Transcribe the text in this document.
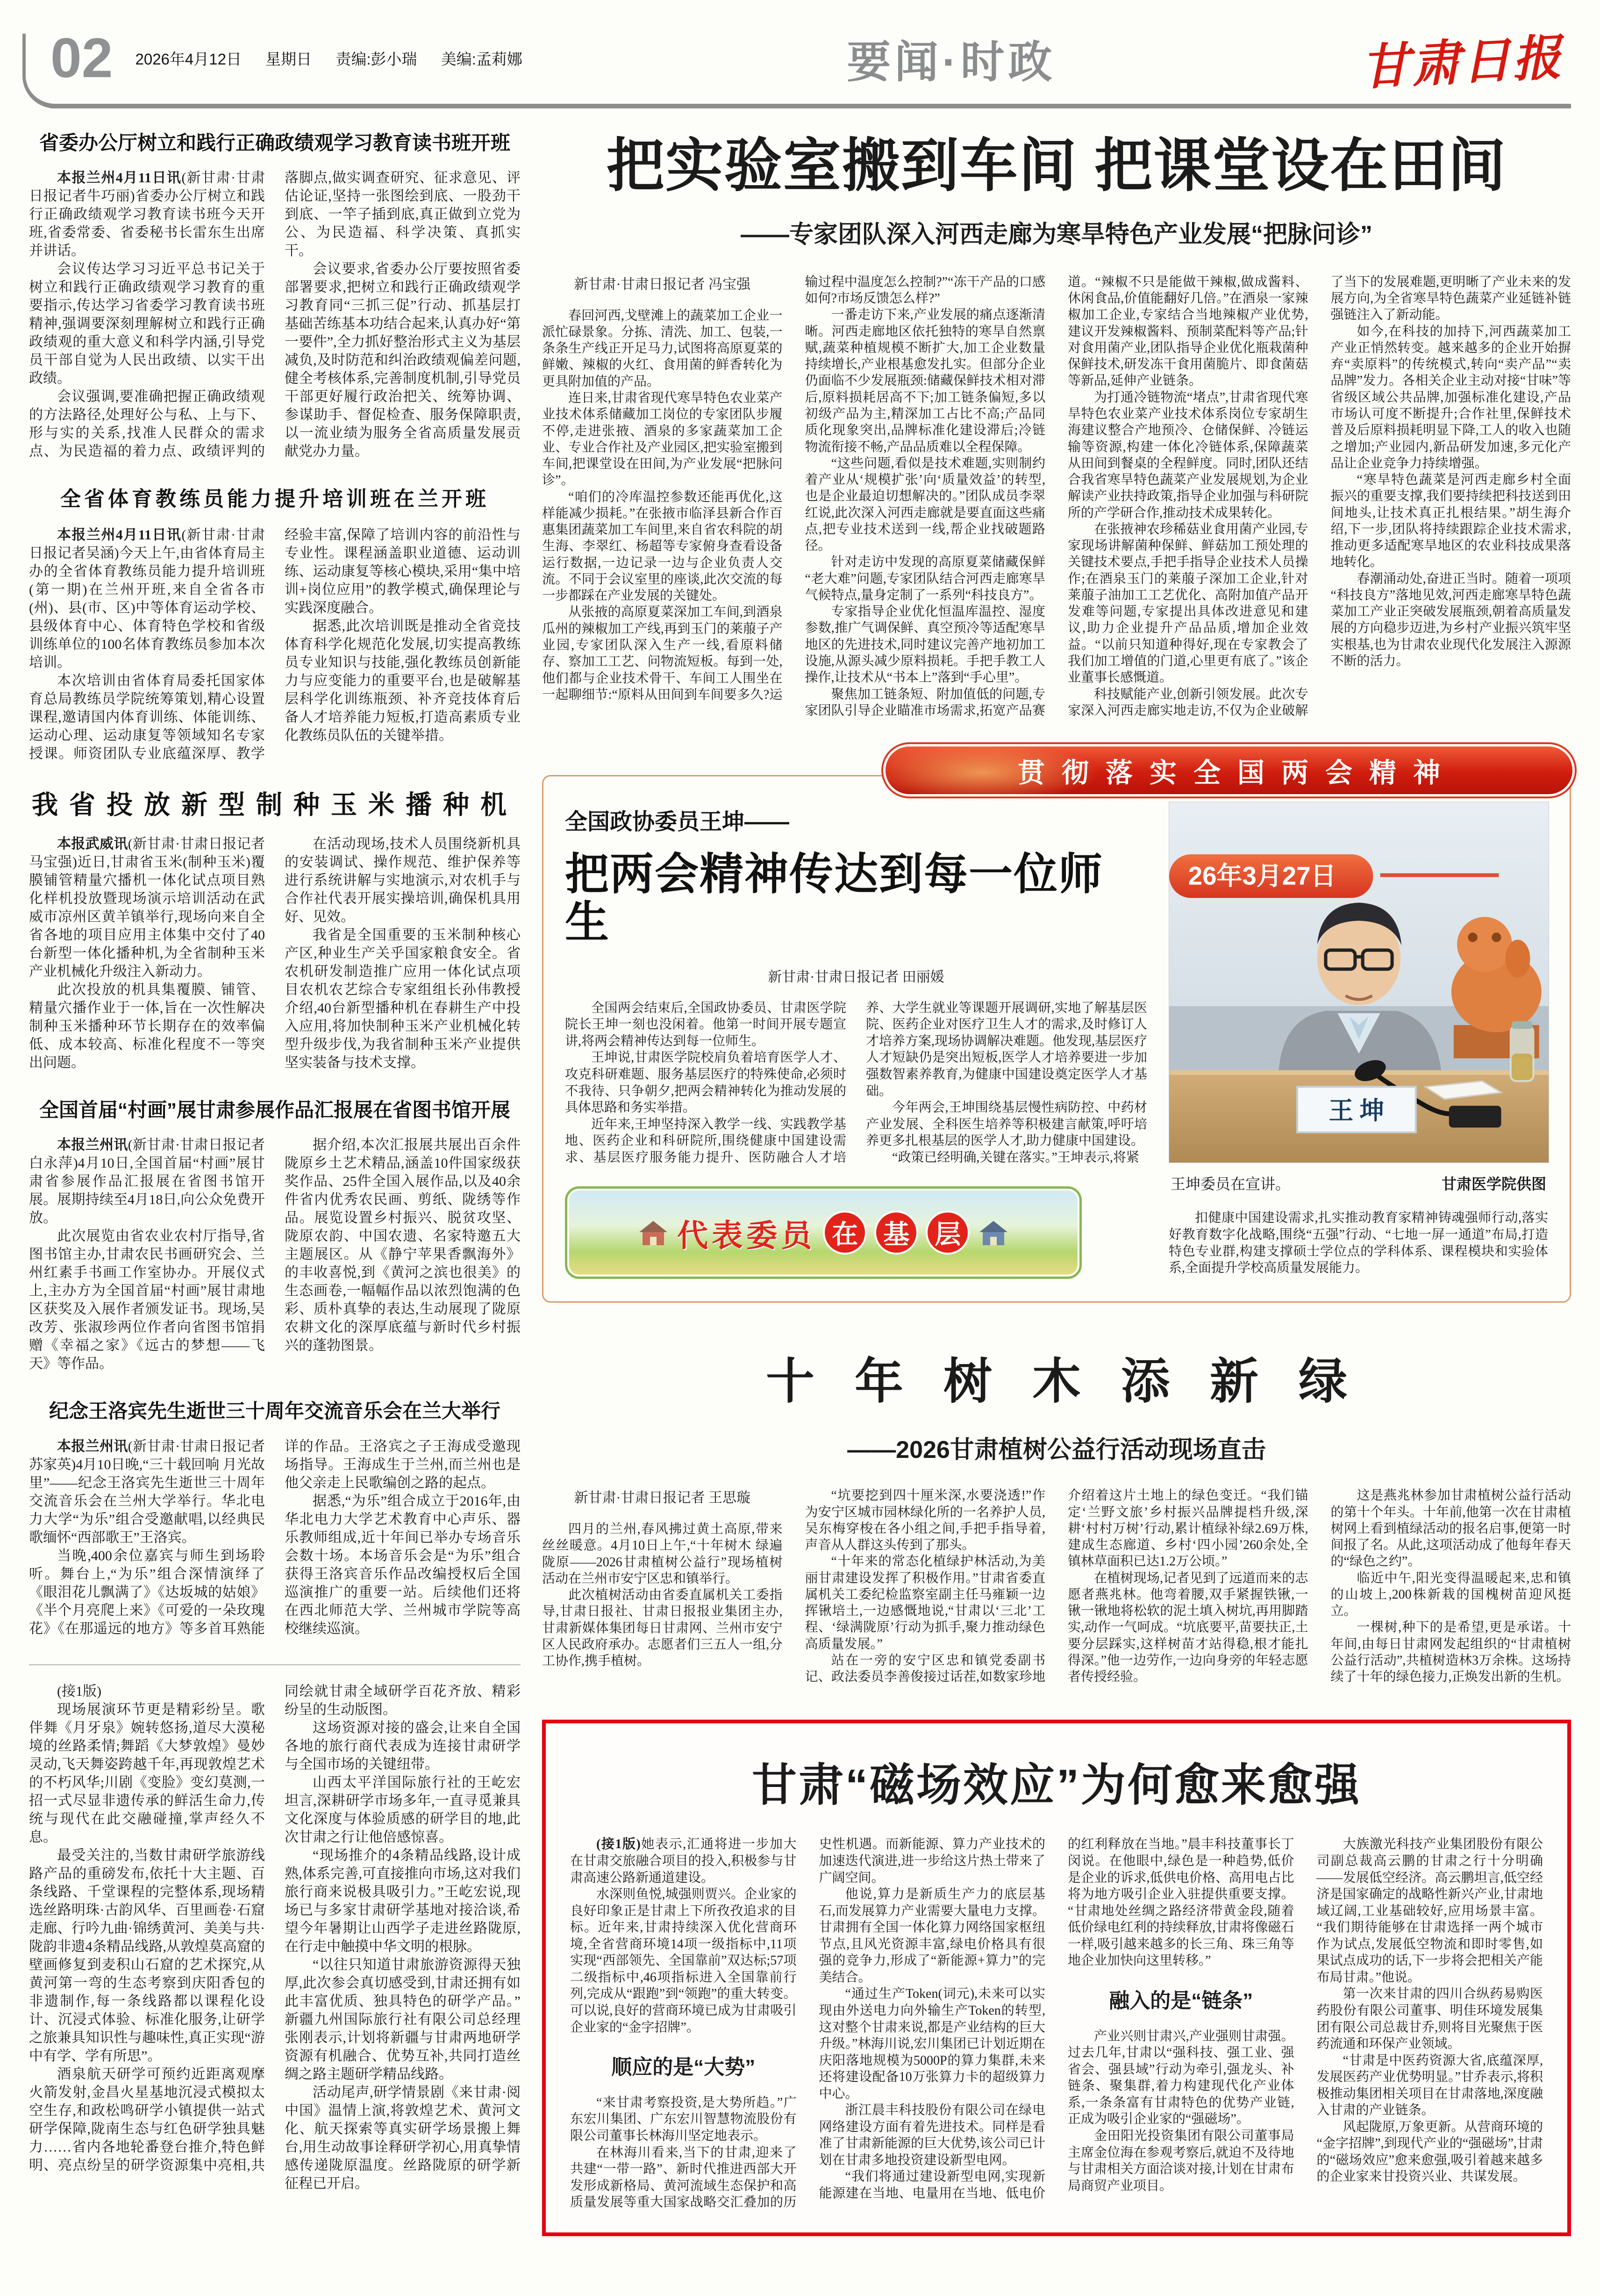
02 2026年4月12日 星期日 责编:彭小瑞 美编:孟莉娜	要闻·时政	甘肃日报
省委办公厅树立和践行正确政绩观学习教育读书班开班

本报兰州4月11日讯(新甘肃·甘肃日报记者牛巧丽)省委办公厅树立和践行正确政绩观学习教育读书班今天开班,省委常委、省委秘书长雷东生出席并讲话。

会议传达学习习近平总书记关于树立和践行正确政绩观学习教育的重要指示,传达学习省委学习教育读书班精神,强调要深刻理解树立和践行正确政绩观的重大意义和科学内涵,引导党员干部自觉为人民出政绩、以实干出政绩。

会议强调,要准确把握正确政绩观的方法路径,处理好公与私、上与下、形与实的关系,找准人民群众的需求点、为民造福的着力点、政绩评判的落脚点,做实调查研究、征求意见、评估论证,坚持一张图绘到底、一股劲干到底、一竿子插到底,真正做到立党为公、为民造福、科学决策、真抓实干。

会议要求,省委办公厅要按照省委部署要求,把树立和践行正确政绩观学习教育同“三抓三促”行动、抓基层打基础苦练基本功结合起来,认真办好“第一要件”,全力抓好整治形式主义为基层减负,及时防范和纠治政绩观偏差问题,健全考核体系,完善制度机制,引导党员干部更好履行政治把关、统筹协调、参谋助手、督促检查、服务保障职责,以一流业绩为服务全省高质量发展贡献党办力量。

全省体育教练员能力提升培训班在兰开班

本报兰州4月11日讯(新甘肃·甘肃日报记者吴涵)今天上午,由省体育局主办的全省体育教练员能力提升培训班(第一期)在兰州开班,来自全省各市(州)、县(市、区)中等体育运动学校、县级体育中心、体育特色学校和省级训练单位的100名体育教练员参加本次培训。

本次培训由省体育局委托国家体育总局教练员学院统筹策划,精心设置课程,邀请国内体育训练、体能训练、运动心理、运动康复等领域知名专家授课。师资团队专业底蕴深厚、教学经验丰富,保障了培训内容的前沿性与专业性。课程涵盖职业道德、运动训练、运动康复等核心模块,采用“集中培训+岗位应用”的教学模式,确保理论与实践深度融合。

据悉,此次培训既是推动全省竞技体育科学化规范化发展,切实提高教练员专业知识与技能,强化教练员创新能力与应变能力的重要平台,也是破解基层科学化训练瓶颈、补齐竞技体育后备人才培养能力短板,打造高素质专业化教练员队伍的关键举措。

我省投放新型制种玉米播种机

本报武威讯(新甘肃·甘肃日报记者马宝强)近日,甘肃省玉米(制种玉米)覆膜铺管精量穴播机一体化试点项目熟化样机投放暨现场演示培训活动在武威市凉州区黄羊镇举行,现场向来自全省各地的项目应用主体集中交付了40台新型一体化播种机,为全省制种玉米产业机械化升级注入新动力。

此次投放的机具集覆膜、铺管、精量穴播作业于一体,旨在一次性解决制种玉米播种环节长期存在的效率偏低、成本较高、标准化程度不一等突出问题。

在活动现场,技术人员围绕新机具的安装调试、操作规范、维护保养等进行系统讲解与实地演示,对农机手与合作社代表开展实操培训,确保机具用好、见效。

我省是全国重要的玉米制种核心产区,种业生产关乎国家粮食安全。省农机研发制造推广应用一体化试点项目农机农艺综合专家组组长孙伟教授介绍,40台新型播种机在春耕生产中投入应用,将加快制种玉米产业机械化转型升级步伐,为我省制种玉米产业提供坚实装备与技术支撑。

全国首届“村画”展甘肃参展作品汇报展在省图书馆开展

本报兰州讯(新甘肃·甘肃日报记者白永萍)4月10日,全国首届“村画”展甘肃省参展作品汇报展在省图书馆开展。展期持续至4月18日,向公众免费开放。

此次展览由省农业农村厅指导,省图书馆主办,甘肃农民书画研究会、兰州红素手书画工作室协办。开展仪式上,主办方为全国首届“村画”展甘肃地区获奖及入展作者颁发证书。现场,吴改芳、张淑珍两位作者向省图书馆捐赠《幸福之家》《远古的梦想——飞天》等作品。

据介绍,本次汇报展共展出百余件陇原乡土艺术精品,涵盖10件国家级获奖作品、25件全国入展作品,以及40余件省内优秀农民画、剪纸、陇绣等作品。展览设置乡村振兴、脱贫攻坚、陇原农韵、中国农遗、名家特邀五大主题展区。从《静宁苹果香飘海外》的丰收喜悦,到《黄河之滨也很美》的生态画卷,一幅幅作品以浓烈饱满的色彩、质朴真挚的表达,生动展现了陇原农耕文化的深厚底蕴与新时代乡村振兴的蓬勃图景。

纪念王洛宾先生逝世三十周年交流音乐会在兰大举行

本报兰州讯(新甘肃·甘肃日报记者苏家英)4月10日晚,“三十载回响 月光故里”——纪念王洛宾先生逝世三十周年交流音乐会在兰州大学举行。华北电力大学“为乐”组合受邀献唱,以经典民歌缅怀“西部歌王”王洛宾。

当晚,400余位嘉宾与师生到场聆听。舞台上,“为乐”组合深情演绎了《眼泪花儿飘满了》《达坂城的姑娘》《半个月亮爬上来》《可爱的一朵玫瑰花》《在那遥远的地方》等多首耳熟能详的作品。王洛宾之子王海成受邀现场指导。王海成生于兰州,而兰州也是他父亲走上民歌编创之路的起点。

据悉,“为乐”组合成立于2016年,由华北电力大学艺术教育中心声乐、器乐教师组成,近十年间已举办专场音乐会数十场。本场音乐会是“为乐”组合获得王洛宾音乐作品改编授权后全国巡演推广的重要一站。后续他们还将在西北师范大学、兰州城市学院等高校继续巡演。

(接1版)

现场展演环节更是精彩纷呈。歌伴舞《月牙泉》婉转悠扬,道尽大漠秘境的丝路柔情;舞蹈《大梦敦煌》曼妙灵动,飞天舞姿跨越千年,再现敦煌艺术的不朽风华;川剧《变脸》变幻莫测,一招一式尽显非遗传承的鲜活生命力,传统与现代在此交融碰撞,掌声经久不息。

最受关注的,当数甘肃研学旅游线路产品的重磅发布,依托十大主题、百条线路、千堂课程的完整体系,现场精选丝路明珠·古韵风华、百里画卷·石窟走廊、行吟九曲·锦绣黄河、美美与共·陇韵非遗4条精品线路,从敦煌莫高窟的壁画修复到麦积山石窟的艺术探究,从黄河第一弯的生态考察到庆阳香包的非遗制作,每一条线路都以课程化设计、沉浸式体验、标准化服务,让研学之旅兼具知识性与趣味性,真正实现“游中有学、学有所思”。

酒泉航天研学可预约近距离观摩火箭发射,金昌火星基地沉浸式模拟太空生存,和政松鸣研学小镇提供一站式研学保障,陇南生态与红色研学独具魅力……省内各地轮番登台推介,特色鲜明、亮点纷呈的研学资源集中亮相,共同绘就甘肃全域研学百花齐放、精彩纷呈的生动版图。

这场资源对接的盛会,让来自全国各地的旅行商代表成为连接甘肃研学与全国市场的关键纽带。

山西太平洋国际旅行社的王屹宏坦言,深耕研学市场多年,一直寻觅兼具文化深度与体验质感的研学目的地,此次甘肃之行让他倍感惊喜。

“现场推介的4条精品线路,设计成熟,体系完善,可直接推向市场,这对我们旅行商来说极具吸引力。”王屹宏说,现场已与多家甘肃研学基地对接洽谈,希望今年暑期让山西学子走进丝路陇原,在行走中触摸中华文明的根脉。

“以往只知道甘肃旅游资源得天独厚,此次参会真切感受到,甘肃还拥有如此丰富优质、独具特色的研学产品。”新疆九州国际旅行社有限公司总经理张刚表示,计划将新疆与甘肃两地研学资源有机融合、优势互补,共同打造丝绸之路主题研学精品线路。

活动尾声,研学情景剧《来甘肃·阅中国》温情上演,将敦煌艺术、黄河文化、航天探索等真实研学场景搬上舞台,用生动故事诠释研学初心,用真挚情感传递陇原温度。丝路陇原的研学新征程已开启。

把实验室搬到车间 把课堂设在田间
——专家团队深入河西走廊为寒旱特色产业发展“把脉问诊”
新甘肃·甘肃日报记者 冯宝强

春回河西,戈壁滩上的蔬菜加工企业一派忙碌景象。分拣、清洗、加工、包装,一条条生产线正开足马力,试图将高原夏菜的鲜嫩、辣椒的火红、食用菌的鲜香转化为更具附加值的产品。

连日来,甘肃省现代寒旱特色农业菜产业技术体系储藏加工岗位的专家团队步履不停,走进张掖、酒泉的多家蔬菜加工企业、专业合作社及产业园区,把实验室搬到车间,把课堂设在田间,为产业发展“把脉问诊”。

“咱们的冷库温控参数还能再优化,这样能减少损耗。”在张掖市临泽县新合作百惠集团蔬菜加工车间里,来自省农科院的胡生海、李翠红、杨超等专家俯身查看设备运行数据,一边记录一边与企业负责人交流。不同于会议室里的座谈,此次交流的每一步都踩在产业发展的关键处。

从张掖的高原夏菜深加工车间,到酒泉瓜州的辣椒加工产线,再到玉门的莱菔子产业园,专家团队深入生产一线,看原料储存、察加工工艺、问物流短板。每到一处,他们都与企业技术骨干、车间工人围坐在一起聊细节:“原料从田间到车间要多久?运输过程中温度怎么控制?”“冻干产品的口感如何?市场反馈怎么样?”

一番走访下来,产业发展的痛点逐渐清晰。河西走廊地区依托独特的寒旱自然禀赋,蔬菜种植规模不断扩大,加工企业数量持续增长,产业根基愈发扎实。但部分企业仍面临不少发展瓶颈:储藏保鲜技术相对滞后,原料损耗居高不下;加工链条偏短,多以初级产品为主,精深加工占比不高;产品同质化现象突出,品牌标准化建设滞后;冷链物流衔接不畅,产品品质难以全程保障。

“这些问题,看似是技术难题,实则制约着产业从‘规模扩张’向‘质量效益’的转型,也是企业最迫切想解决的。”团队成员李翠红说,此次深入河西走廊就是要直面这些痛点,把专业技术送到一线,帮企业找破题路径。

针对走访中发现的高原夏菜储藏保鲜“老大难”问题,专家团队结合河西走廊寒旱气候特点,量身定制了一系列“科技良方”。

专家指导企业优化恒温库温控、湿度参数,推广气调保鲜、真空预冷等适配寒旱地区的先进技术,同时建议完善产地初加工设施,从源头减少原料损耗。手把手教工人操作,让技术从“书本上”落到“手心里”。

聚焦加工链条短、附加值低的问题,专家团队引导企业瞄准市场需求,拓宽产品赛道。“辣椒不只是能做干辣椒,做成酱料、休闲食品,价值能翻好几倍。”在酒泉一家辣椒加工企业,专家结合当地辣椒产业优势,建议开发辣椒酱料、预制菜配料等产品;针对食用菌产业,团队指导企业优化瓶栽菌种保鲜技术,研发冻干食用菌脆片、即食菌菇等新品,延伸产业链条。

为打通冷链物流“堵点”,甘肃省现代寒旱特色农业菜产业技术体系岗位专家胡生海建议整合产地预冷、仓储保鲜、冷链运输等资源,构建一体化冷链体系,保障蔬菜从田间到餐桌的全程鲜度。同时,团队还结合我省寒旱特色蔬菜产业发展规划,为企业解读产业扶持政策,指导企业加强与科研院所的产学研合作,推动技术成果转化。

在张掖神农珍稀菇业食用菌产业园,专家现场讲解菌种保鲜、鲜菇加工预处理的关键技术要点,手把手指导企业技术人员操作;在酒泉玉门的莱菔子深加工企业,针对莱菔子油加工工艺优化、高附加值产品开发难等问题,专家提出具体改进意见和建议,助力企业提升产品品质,增加企业效益。“以前只知道种得好,现在专家教会了我们加工增值的门道,心里更有底了。”该企业董事长感慨道。

科技赋能产业,创新引领发展。此次专家深入河西走廊实地走访,不仅为企业破解了当下的发展难题,更明晰了产业未来的发展方向,为全省寒旱特色蔬菜产业延链补链强链注入了新动能。

如今,在科技的加持下,河西蔬菜加工产业正悄然转变。越来越多的企业开始摒弃“卖原料”的传统模式,转向“卖产品”“卖品牌”发力。各相关企业主动对接“甘味”等省级区域公共品牌,加强标准化建设,产品市场认可度不断提升;合作社里,保鲜技术普及后原料损耗明显下降,工人的收入也随之增加;产业园内,新品研发加速,多元化产品让企业竞争力持续增强。

“寒旱特色蔬菜是河西走廊乡村全面振兴的重要支撑,我们要持续把科技送到田间地头,让技术真正扎根结果。”胡生海介绍,下一步,团队将持续跟踪企业技术需求,推动更多适配寒旱地区的农业科技成果落地转化。

春潮涌动处,奋进正当时。随着一项项“科技良方”落地见效,河西走廊寒旱特色蔬菜加工产业正突破发展瓶颈,朝着高质量发展的方向稳步迈进,为乡村产业振兴筑牢坚实根基,也为甘肃农业现代化发展注入源源不断的活力。

贯彻落实全国两会精神
全国政协委员王坤——
把两会精神传达到每一位师生
新甘肃·甘肃日报记者 田丽媛

全国两会结束后,全国政协委员、甘肃医学院院长王坤一刻也没闲着。他第一时间开展专题宣讲,将两会精神传达到每一位师生。

王坤说,甘肃医学院校肩负着培育医学人才、攻克科研难题、服务基层医疗的特殊使命,必须时不我待、只争朝夕,把两会精神转化为推动发展的具体思路和务实举措。

近年来,王坤坚持深入教学一线、实践教学基地、医药企业和科研院所,围绕健康中国建设需求、基层医疗服务能力提升、医防融合人才培养、大学生就业等课题开展调研,实地了解基层医院、医药企业对医疗卫生人才的需求,及时修订人才培养方案,现场协调解决难题。他发现,基层医疗人才短缺仍是突出短板,医学人才培养要进一步加强数智素养教育,为健康中国建设奠定医学人才基础。

今年两会,王坤围绕基层慢性病防控、中药材产业发展、全科医生培养等积极建言献策,呼吁培养更多扎根基层的医学人才,助力健康中国建设。

“政策已经明确,关键在落实。”王坤表示,将紧

代表委员 在 基 层
26年3月27日
王 坤
王坤委员在宣讲。	甘肃医学院供图

扣健康中国建设需求,扎实推动教育家精神铸魂强师行动,落实好教育数字化战略,围绕“五强”行动、“七地一屏一通道”布局,打造特色专业群,构建支撑硕士学位点的学科体系、课程模块和实验体系,全面提升学校高质量发展能力。

十年树木添新绿
——2026甘肃植树公益行活动现场直击
新甘肃·甘肃日报记者 王思璇

四月的兰州,春风拂过黄土高原,带来丝丝暖意。4月10日上午,“十年树木 绿遍陇原——2026甘肃植树公益行”现场植树活动在兰州市安宁区忠和镇举行。

此次植树活动由省委直属机关工委指导,甘肃日报社、甘肃日报报业集团主办,甘肃新媒体集团每日甘肃网、兰州市安宁区人民政府承办。志愿者们三五人一组,分工协作,携手植树。

“坑要挖到四十厘米深,水要浇透!”作为安宁区城市园林绿化所的一名养护人员,吴东梅穿梭在各小组之间,手把手指导着,声音从人群这头传到了那头。

“十年来的常态化植绿护林活动,为美丽甘肃建设发挥了积极作用。”甘肃省委直属机关工委纪检监察室副主任马雍颖一边挥锹培土,一边感慨地说,“甘肃以‘三北’工程、‘绿满陇原’行动为抓手,聚力推动绿色高质量发展。”

站在一旁的安宁区忠和镇党委副书记、政法委员李善俊接过话茬,如数家珍地介绍着这片土地上的绿色变迁。“我们锚定‘兰野文旅’乡村振兴品牌提档升级,深耕‘村村万树’行动,累计植绿补绿2.69万株,建成生态廊道、乡村‘四小园’260余处,全镇林草面积已达1.2万公顷。”

在植树现场,记者见到了远道而来的志愿者燕兆林。他弯着腰,双手紧握铁锹,一锹一锹地将松软的泥土填入树坑,再用脚踏实,动作一气呵成。“坑底要平,苗要扶正,土要分层踩实,这样树苗才站得稳,根才能扎得深。”他一边劳作,一边向身旁的年轻志愿者传授经验。

这是燕兆林参加甘肃植树公益行活动的第十个年头。十年前,他第一次在甘肃植树网上看到植绿活动的报名启事,便第一时间报了名。从此,这项活动成了他每年春天的“绿色之约”。

临近中午,阳光变得温暖起来,忠和镇的山坡上,200株新栽的国槐树苗迎风挺立。

一棵树,种下的是希望,更是承诺。十年间,由每日甘肃网发起组织的“甘肃植树公益行活动”,共植树造林3万余株。这场持续了十年的绿色接力,正焕发出新的生机。

甘肃“磁场效应”为何愈来愈强

(接1版)她表示,汇通将进一步加大在甘肃交旅融合项目的投入,积极参与甘肃高速公路新通道建设。

水深则鱼悦,城强则贾兴。企业家的良好印象正是甘肃上下所孜孜追求的目标。近年来,甘肃持续深入优化营商环境,全省营商环境14项一级指标中,11项实现“西部领先、全国靠前”双达标;57项二级指标中,46项指标进入全国靠前行列,完成从“跟跑”到“领跑”的重大转变。可以说,良好的营商环境已成为甘肃吸引企业家的“金字招牌”。

顺应的是“大势”

“来甘肃考察投资,是大势所趋。”广东宏川集团、广东宏川智慧物流股份有限公司董事长林海川坚定地表示。

在林海川看来,当下的甘肃,迎来了共建“一带一路”、新时代推进西部大开发形成新格局、黄河流域生态保护和高质量发展等重大国家战略交汇叠加的历史性机遇。而新能源、算力产业技术的加速迭代演进,进一步给这片热土带来了广阔空间。

他说,算力是新质生产力的底层基石,而发展算力产业需要大量电力支撑。甘肃拥有全国一体化算力网络国家枢纽节点,且风光资源丰富,绿电价格具有很强的竞争力,形成了“新能源+算力”的完美结合。

“通过生产Token(词元),未来可以实现由外送电力向外输生产Token的转型,这对整个甘肃来说,都是产业结构的巨大升级。”林海川说,宏川集团已计划近期在庆阳落地规模为5000P的算力集群,未来还将建设配备10万张算力卡的超级算力中心。

浙江晨丰科技股份有限公司在绿电网络建设方面有着先进技术。同样是看准了甘肃新能源的巨大优势,该公司已计划在甘肃多地投资建设新型电网。

“我们将通过建设新型电网,实现新能源建在当地、电量用在当地、低电价的红利释放在当地。”晨丰科技董事长丁闵说。在他眼中,绿色是一种趋势,低价是企业的诉求,低供电价格、高用电占比将为地方吸引企业入驻提供重要支撑。“甘肃地处丝绸之路经济带黄金段,随着低价绿电红利的持续释放,甘肃将像磁石一样,吸引越来越多的长三角、珠三角等地企业加快向这里转移。”

融入的是“链条”

产业兴则甘肃兴,产业强则甘肃强。过去几年,甘肃以“强科技、强工业、强省会、强县域”行动为牵引,强龙头、补链条、聚集群,着力构建现代化产业体系,一条条富有甘肃特色的优势产业链,正成为吸引企业家的“强磁场”。

金田阳光投资集团有限公司董事局主席金位海在参观考察后,就迫不及待地与甘肃相关方面洽谈对接,计划在甘肃布局商贸产业项目。

大族激光科技产业集团股份有限公司副总裁高云鹏的甘肃之行十分明确——发展低空经济。高云鹏坦言,低空经济是国家确定的战略性新兴产业,甘肃地域辽阔,工业基础较好,应用场景丰富。“我们期待能够在甘肃选择一两个城市作为试点,发展低空物流和即时零售,如果试点成功的话,下一步将会把相关产能布局甘肃。”他说。

第一次来甘肃的四川合纵药易购医药股份有限公司董事、明佳环境发展集团有限公司总裁甘乔,则将目光聚焦于医药流通和环保产业领域。

“甘肃是中医药资源大省,底蕴深厚,发展医药产业优势明显。”甘乔表示,将积极推动集团相关项目在甘肃落地,深度融入甘肃的产业链条。

风起陇原,万象更新。从营商环境的“金字招牌”,到现代产业的“强磁场”,甘肃的“磁场效应”愈来愈强,吸引着越来越多的企业家来甘投资兴业、共谋发展。
